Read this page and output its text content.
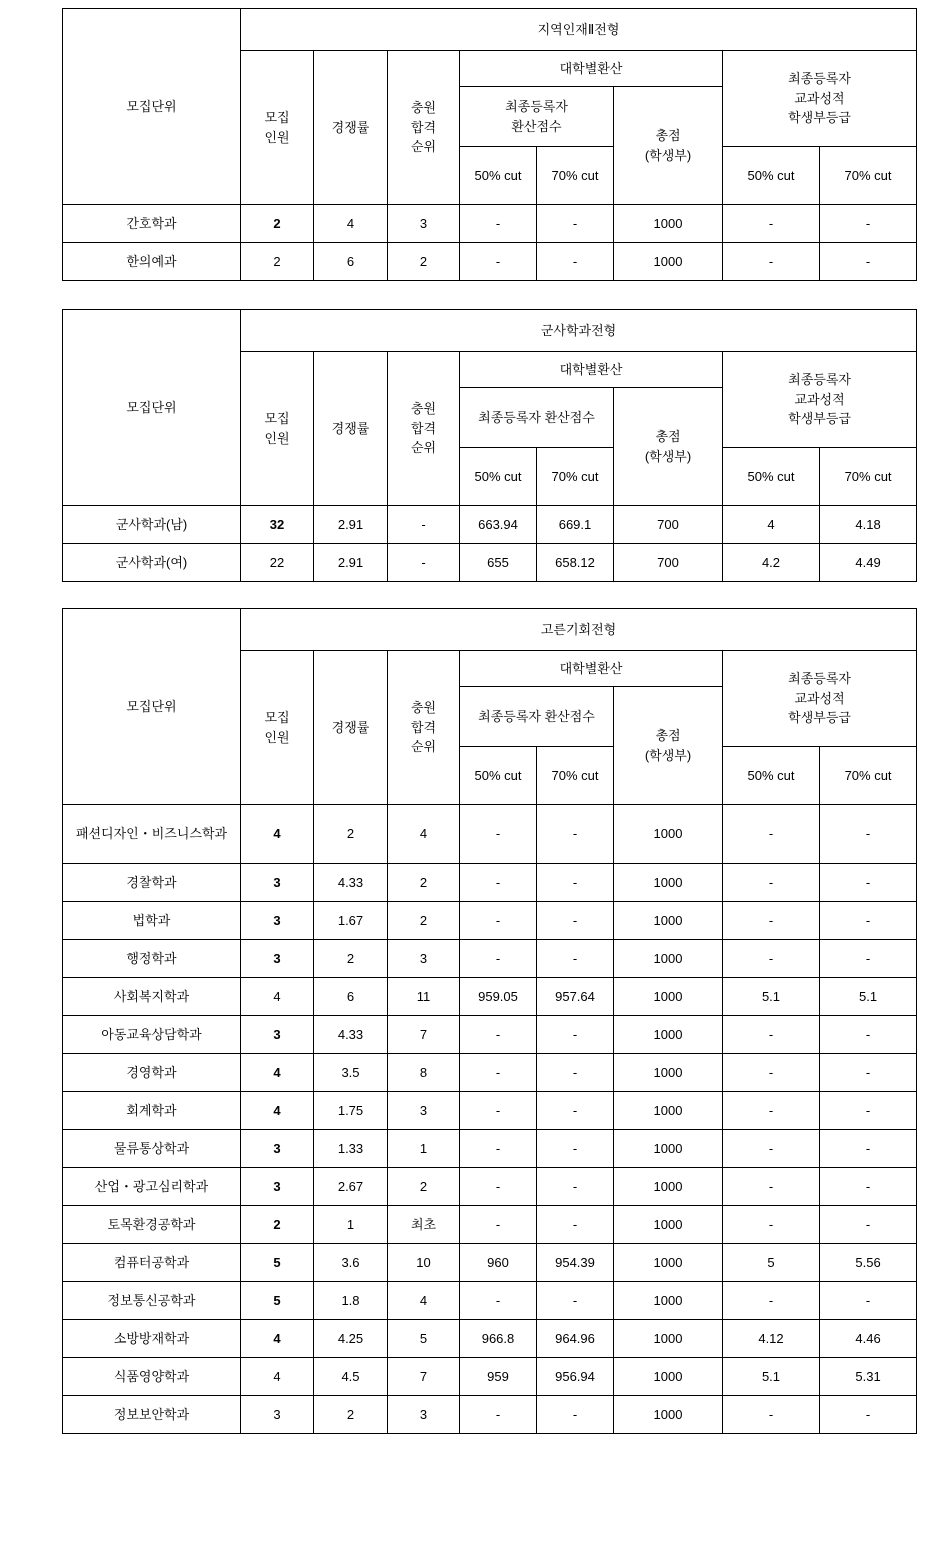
모집단위	지역인재Ⅱ전형							

모집
인원
	경쟁률	
충원
합격
순위
	대학별환산	
최종등록자
교과성적
학생부등급

최종등록자
환산점수

총점
(학생부)

				50% cut	70% cut		50% cut	70% cut
간호학과	2	4	3	-	-	1000	-	-
한의예과	2	6	2	-	-	1000	-	-
모집단위	군사학과전형							

모집
인원
	경쟁률	
충원
합격
순위
	대학별환산	
최종등록자
교과성적
학생부등급

				최종등록자 환산점수		총점
(학생부)		

				50% cut	70% cut		50% cut	70% cut
군사학과(남)	32	2.91	-	663.94	669.1	700	4	4.18
군사학과(여)	22	2.91	-	655	658.12	700	4.2	4.49
모집단위	고른기회전형							

모집
인원
	경쟁률	
충원
합격
순위
	대학별환산	
최종등록자
교과성적
학생부등급

				최종등록자 환산점수		총점
(학생부)		

				50% cut	70% cut		50% cut	70% cut
패션디자인・비즈니스학과	4	2	4	-	-	1000	-	-
경찰학과	3	4.33	2	-	-	1000	-	-
법학과	3	1.67	2	-	-	1000	-	-
행정학과	3	2	3	-	-	1000	-	-
사회복지학과	4	6	11	959.05	957.64	1000	5.1	5.1
아동교육상담학과	3	4.33	7	-	-	1000	-	-
경영학과	4	3.5	8	-	-	1000	-	-
회계학과	4	1.75	3	-	-	1000	-	-
물류통상학과	3	1.33	1	-	-	1000	-	-
산업・광고심리학과	3	2.67	2	-	-	1000	-	-
토목환경공학과	2	1	최초	-	-	1000	-	-
컴퓨터공학과	5	3.6	10	960	954.39	1000	5	5.56
정보통신공학과	5	1.8	4	-	-	1000	-	-
소방방재학과	4	4.25	5	966.8	964.96	1000	4.12	4.46
식품영양학과	4	4.5	7	959	956.94	1000	5.1	5.31
정보보안학과	3	2	3	-	-	1000	-	-
